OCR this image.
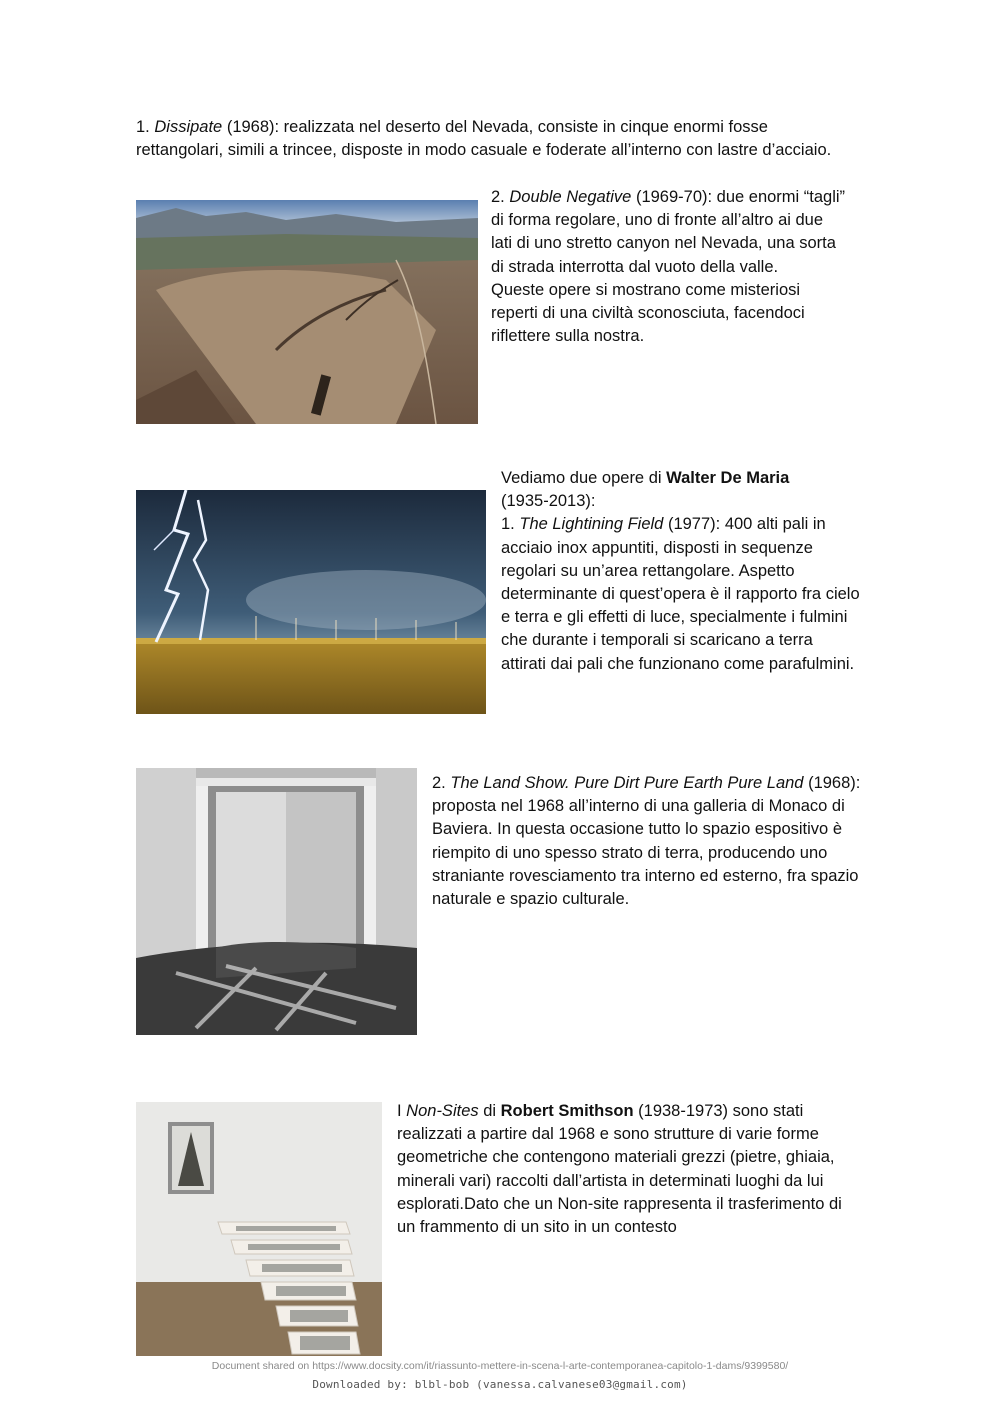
1. Dissipate (1968): realizzata nel deserto del Nevada, consiste in cinque enormi fosse rettangolari, simili a trincee, disposte in modo casuale e foderate all’interno con lastre d’acciaio.

2. Double Negative (1969-70): due enormi “tagli” di forma regolare, uno di fronte all’altro ai due lati di uno stretto canyon nel Nevada, una sorta di strada interrotta dal vuoto della valle.

Queste opere si mostrano come misteriosi reperti di una civiltà sconosciuta, facendoci riflettere sulla nostra.

Vediamo due opere di Walter De Maria

(1935-2013):

1. The Lightining Field (1977): 400 alti pali in acciaio inox appuntiti, disposti in sequenze regolari su un’area rettangolare. Aspetto determinante di quest’opera è il rapporto fra cielo e terra e gli effetti di luce, specialmente i fulmini che durante i temporali si scaricano a terra attirati dai pali che funzionano come parafulmini.

2. The Land Show. Pure Dirt Pure Earth Pure Land (1968): proposta nel 1968 all’interno di una galleria di Monaco di Baviera. In questa occasione tutto lo spazio espositivo è riempito di uno spesso strato di terra, producendo uno straniante rovesciamento tra interno ed esterno, fra spazio naturale e spazio culturale.
I Non-Sites di Robert Smithson (1938-1973) sono stati realizzati a partire dal 1968 e sono strutture di varie forme geometriche che contengono materiali grezzi (pietre, ghiaia, minerali vari) raccolti dall’artista in determinati luoghi da lui esplorati.Dato che un Non-site rappresenta il trasferimento di un frammento di un sito in un contesto
Document shared on https://www.docsity.com/it/riassunto-mettere-in-scena-l-arte-contemporanea-capitolo-1-dams/9399580/
Downloaded by: blbl-bob (vanessa.calvanese03@gmail.com)
